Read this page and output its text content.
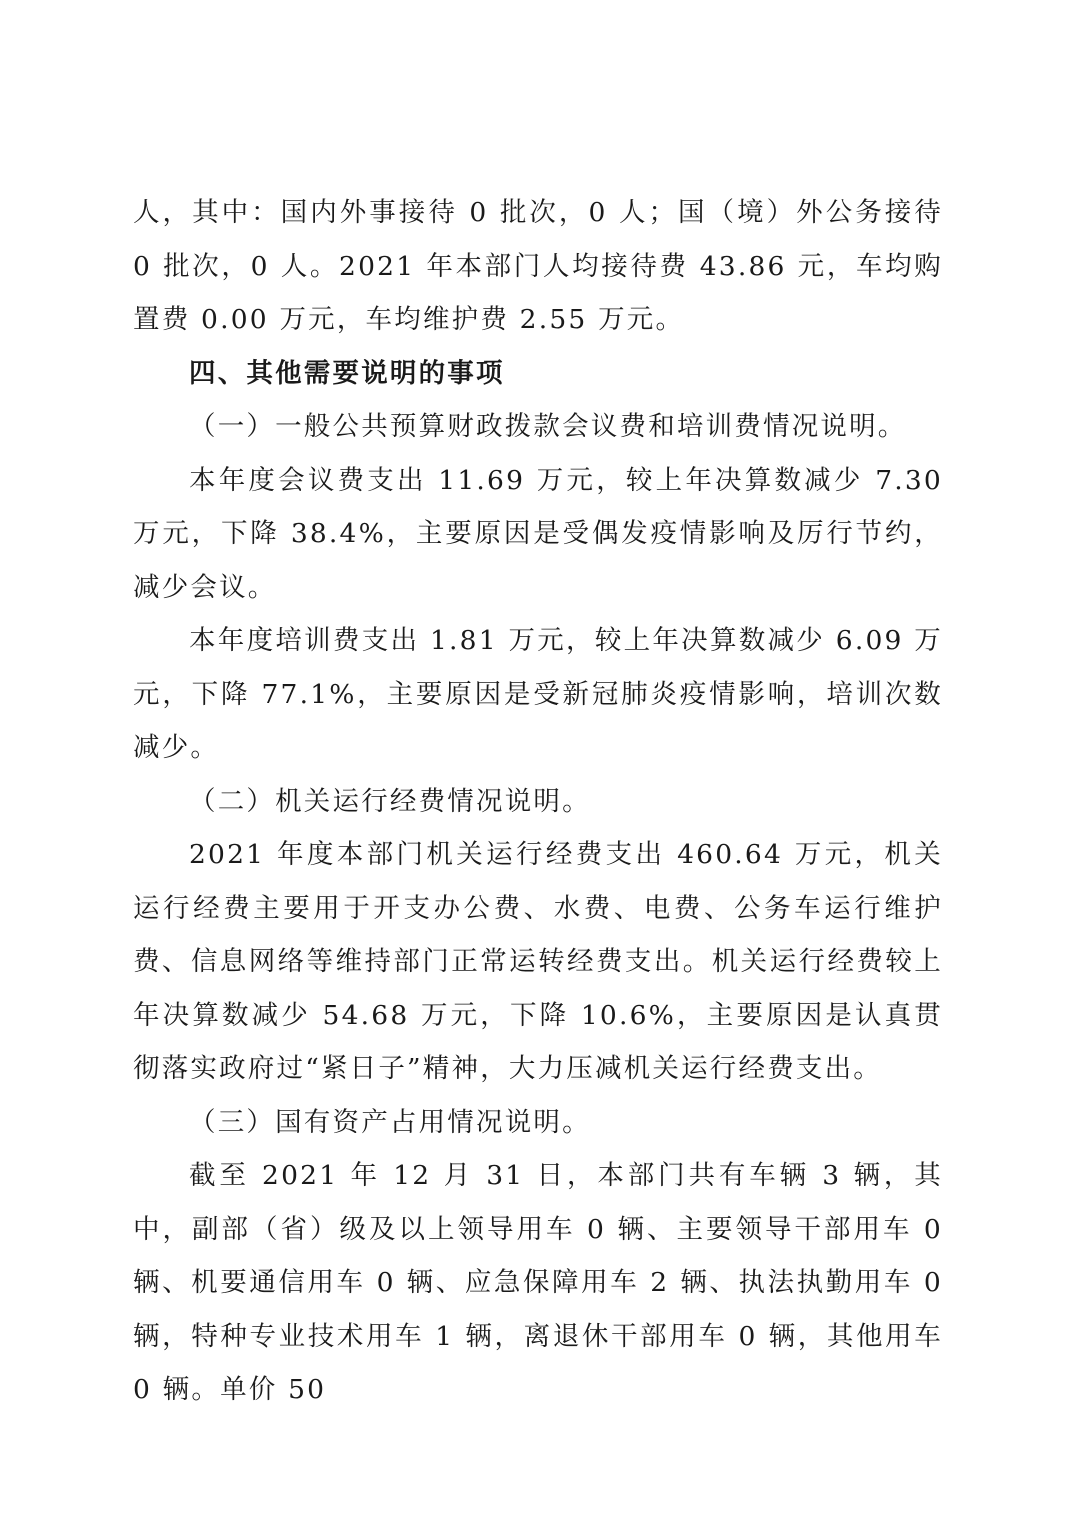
人，其中：国内外事接待 0 批次，0 人；国（境）外公务接待 0 批次，0 人。2021 年本部门人均接待费 43.86 元，车均购置费 0.00 万元，车均维护费 2.55 万元。

四、其他需要说明的事项

（一）一般公共预算财政拨款会议费和培训费情况说明。

本年度会议费支出 11.69 万元，较上年决算数减少 7.30 万元，下降 38.4%，主要原因是受偶发疫情影响及厉行节约，减少会议。

本年度培训费支出 1.81 万元，较上年决算数减少 6.09 万元，下降 77.1%，主要原因是受新冠肺炎疫情影响，培训次数减少。

（二）机关运行经费情况说明。

2021 年度本部门机关运行经费支出 460.64 万元，机关运行经费主要用于开支办公费、水费、电费、公务车运行维护费、信息网络等维持部门正常运转经费支出。机关运行经费较上年决算数减少 54.68 万元，下降 10.6%，主要原因是认真贯彻落实政府过“紧日子”精神，大力压减机关运行经费支出。

（三）国有资产占用情况说明。

截至 2021 年 12 月 31 日，本部门共有车辆 3 辆，其中，副部（省）级及以上领导用车 0 辆、主要领导干部用车 0 辆、机要通信用车 0 辆、应急保障用车 2 辆、执法执勤用车 0 辆，特种专业技术用车 1 辆，离退休干部用车 0 辆，其他用车 0 辆。单价 50
